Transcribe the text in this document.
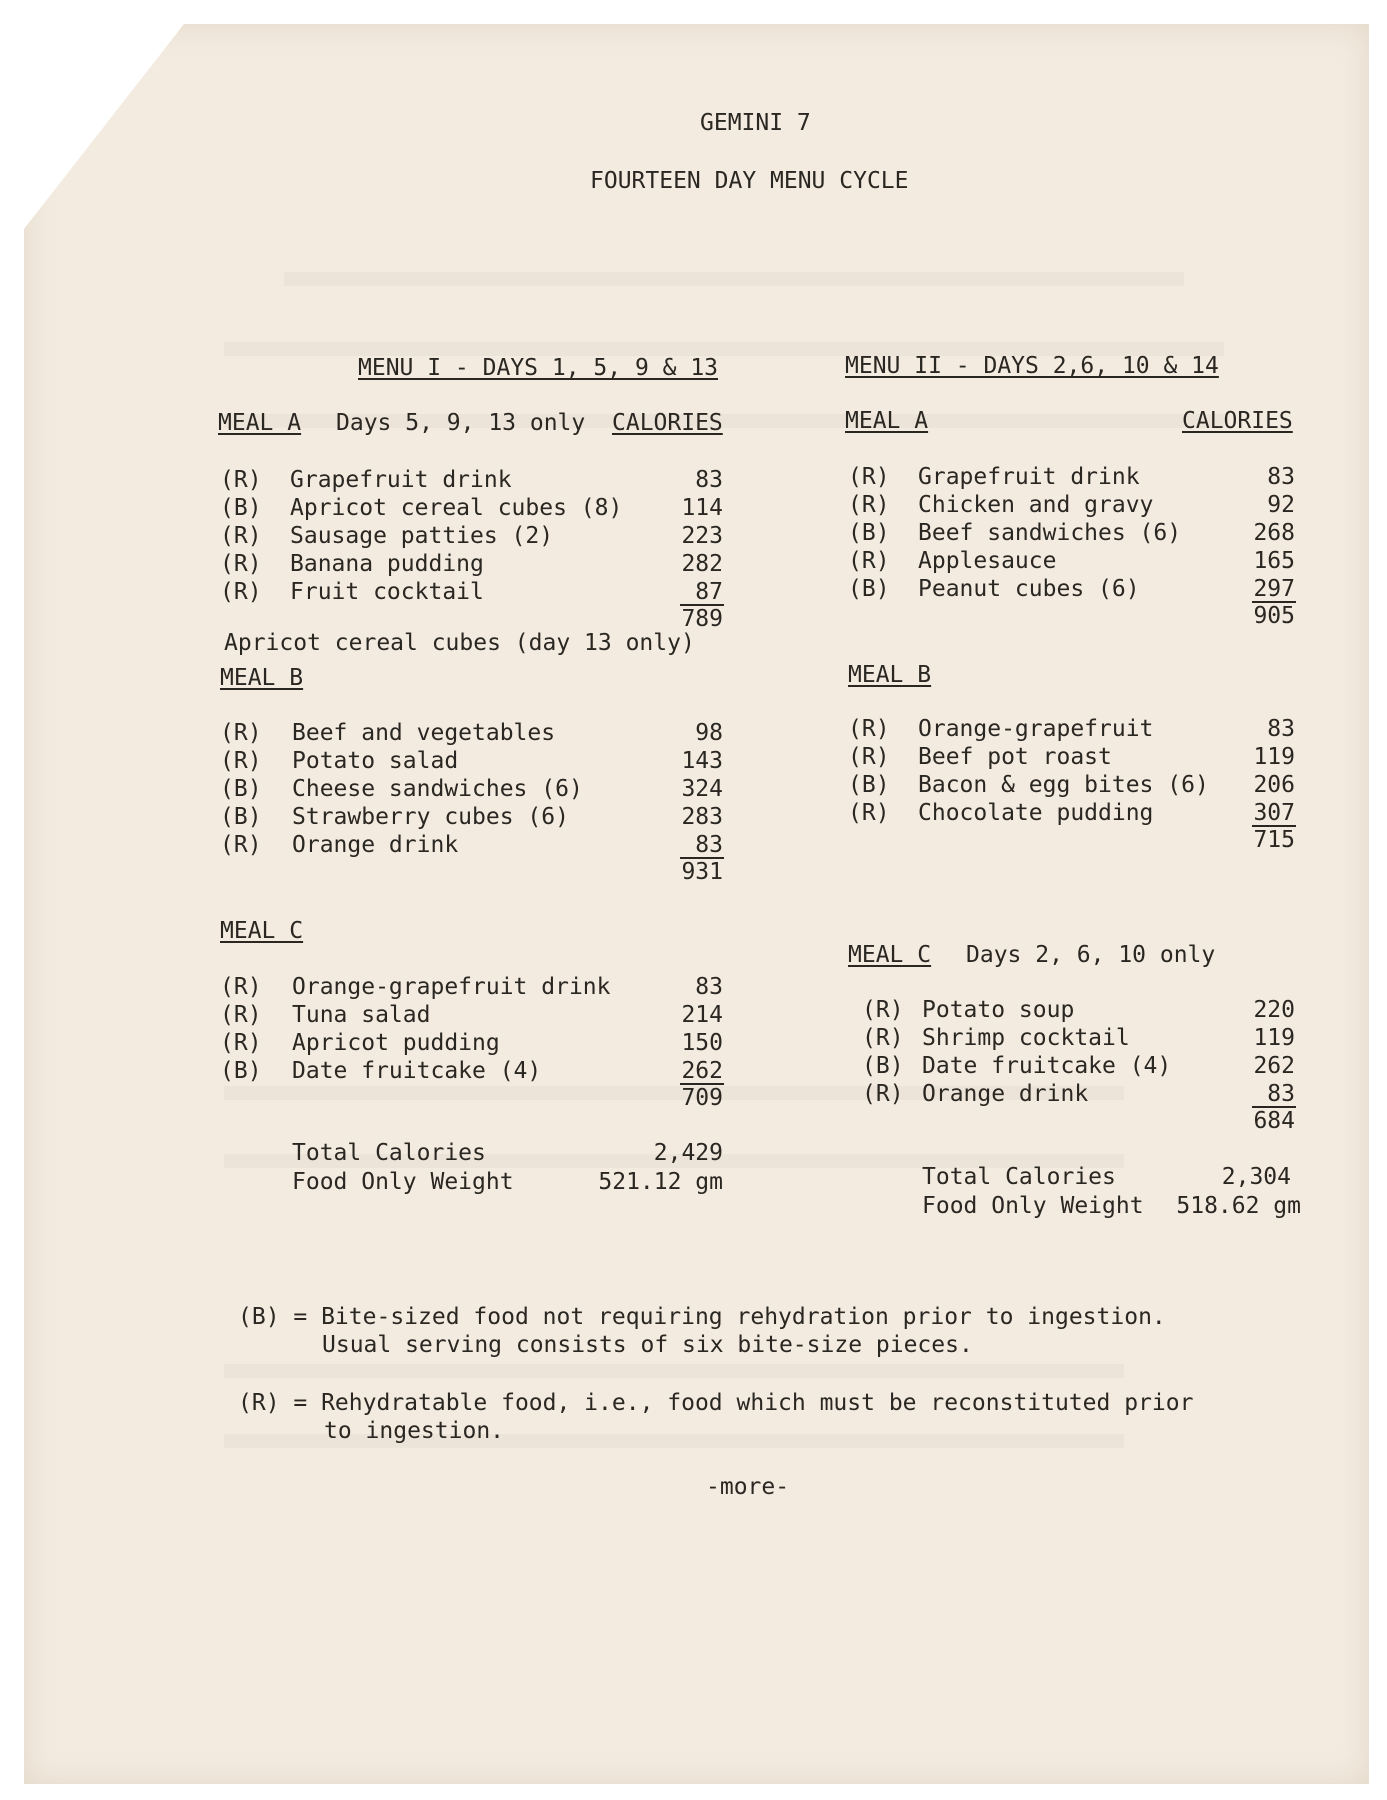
GEMINI 7
FOURTEEN DAY MENU CYCLE
MENU I - DAYS 1, 5, 9 & 13
MEAL A Days 5, 9, 13 only CALORIES
(R) Grapefruit drink	83
(B) Apricot cereal cubes (8)	114
(R) Sausage patties (2)	223
(R) Banana pudding	282
(R) Fruit cocktail	87
789
Apricot cereal cubes (day 13 only)
MEAL B
(R) Beef and vegetables	98
(R) Potato salad	143
(B) Cheese sandwiches (6)	324
(B) Strawberry cubes (6)	283
(R) Orange drink	83
931
MEAL C
(R) Orange-grapefruit drink	83
(R) Tuna salad	214
(R) Apricot pudding	150
(B) Date fruitcake (4)	262
709
Total Calories	2,429
Food Only Weight	521.12 gm
MENU II - DAYS 2,6, 10 & 14
MEAL A	CALORIES
(R) Grapefruit drink	83
(R) Chicken and gravy	92
(B) Beef sandwiches (6)	268
(R) Applesauce	165
(B) Peanut cubes (6)	297
905
MEAL B
(R) Orange-grapefruit	83
(R) Beef pot roast	119
(B) Bacon & egg bites (6) 206
(R) Chocolate pudding	307
715
MEAL C Days 2, 6, 10 only
(R) Potato soup	220
(R) Shrimp cocktail	119
(B) Date fruitcake (4)	262
(R) Orange drink	83
684
Total Calories	2,304
Food Only Weight 518.62 gm
(B) = Bite-sized food not requiring rehydration prior to ingestion.
Usual serving consists of six bite-size pieces.
(R) = Rehydratable food, i.e., food which must be reconstituted prior
to ingestion.
-more-
